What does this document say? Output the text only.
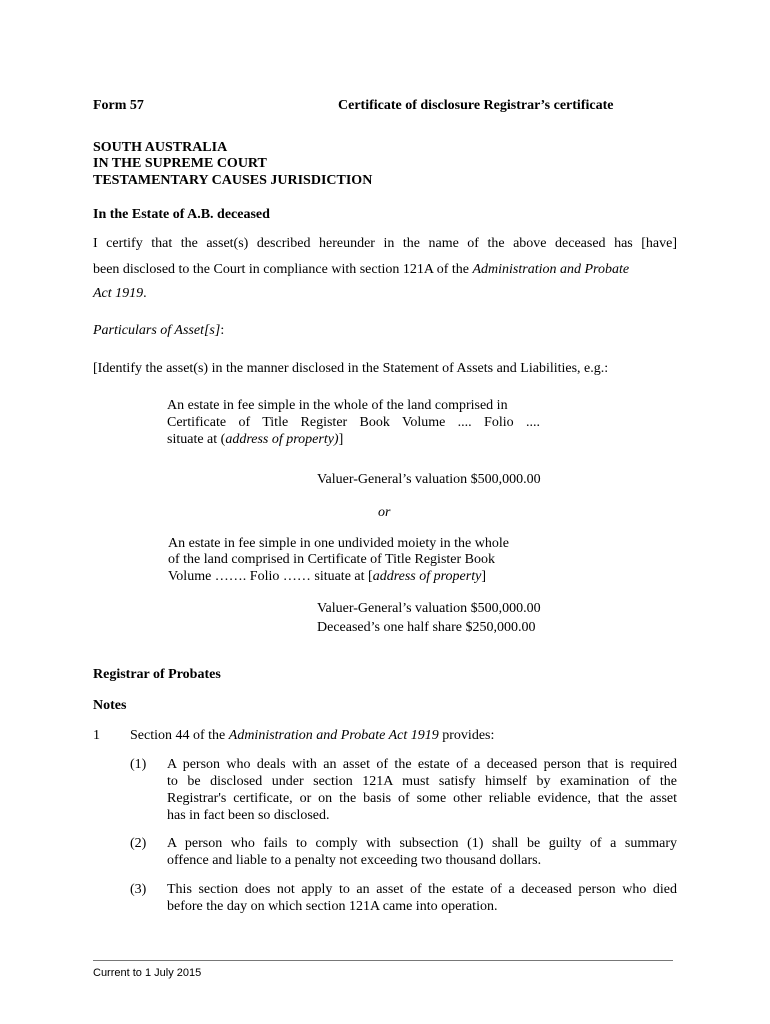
Form 57	Certificate of disclosure Registrar’s certificate
SOUTH AUSTRALIA
IN THE SUPREME COURT
TESTAMENTARY CAUSES JURISDICTION
In the Estate of A.B. deceased
I certify that the asset(s) described hereunder in the name of the above deceased has [have]
been disclosed to the Court in compliance with section 121A of the Administration and Probate
Act 1919.
Particulars of Asset[s]:
[Identify the asset(s) in the manner disclosed in the Statement of Assets and Liabilities, e.g.:
An estate in fee simple in the whole of the land comprised in
Certificate of Title Register Book Volume .... Folio ....
situate at (address of property)]
Valuer-General’s valuation $500,000.00
or
An estate in fee simple in one undivided moiety in the whole
of the land comprised in Certificate of Title Register Book
Volume ……. Folio …… situate at [address of property]
Valuer-General’s valuation $500,000.00
Deceased’s one half share $250,000.00
Registrar of Probates
Notes
1 Section 44 of the Administration and Probate Act 1919 provides:
(1) A person who deals with an asset of the estate of a deceased person that is required
to be disclosed under section 121A must satisfy himself by examination of the
Registrar's certificate, or on the basis of some other reliable evidence, that the asset
has in fact been so disclosed.
(2) A person who fails to comply with subsection (1) shall be guilty of a summary
offence and liable to a penalty not exceeding two thousand dollars.
(3) This section does not apply to an asset of the estate of a deceased person who died
before the day on which section 121A came into operation.
Current to 1 July 2015
